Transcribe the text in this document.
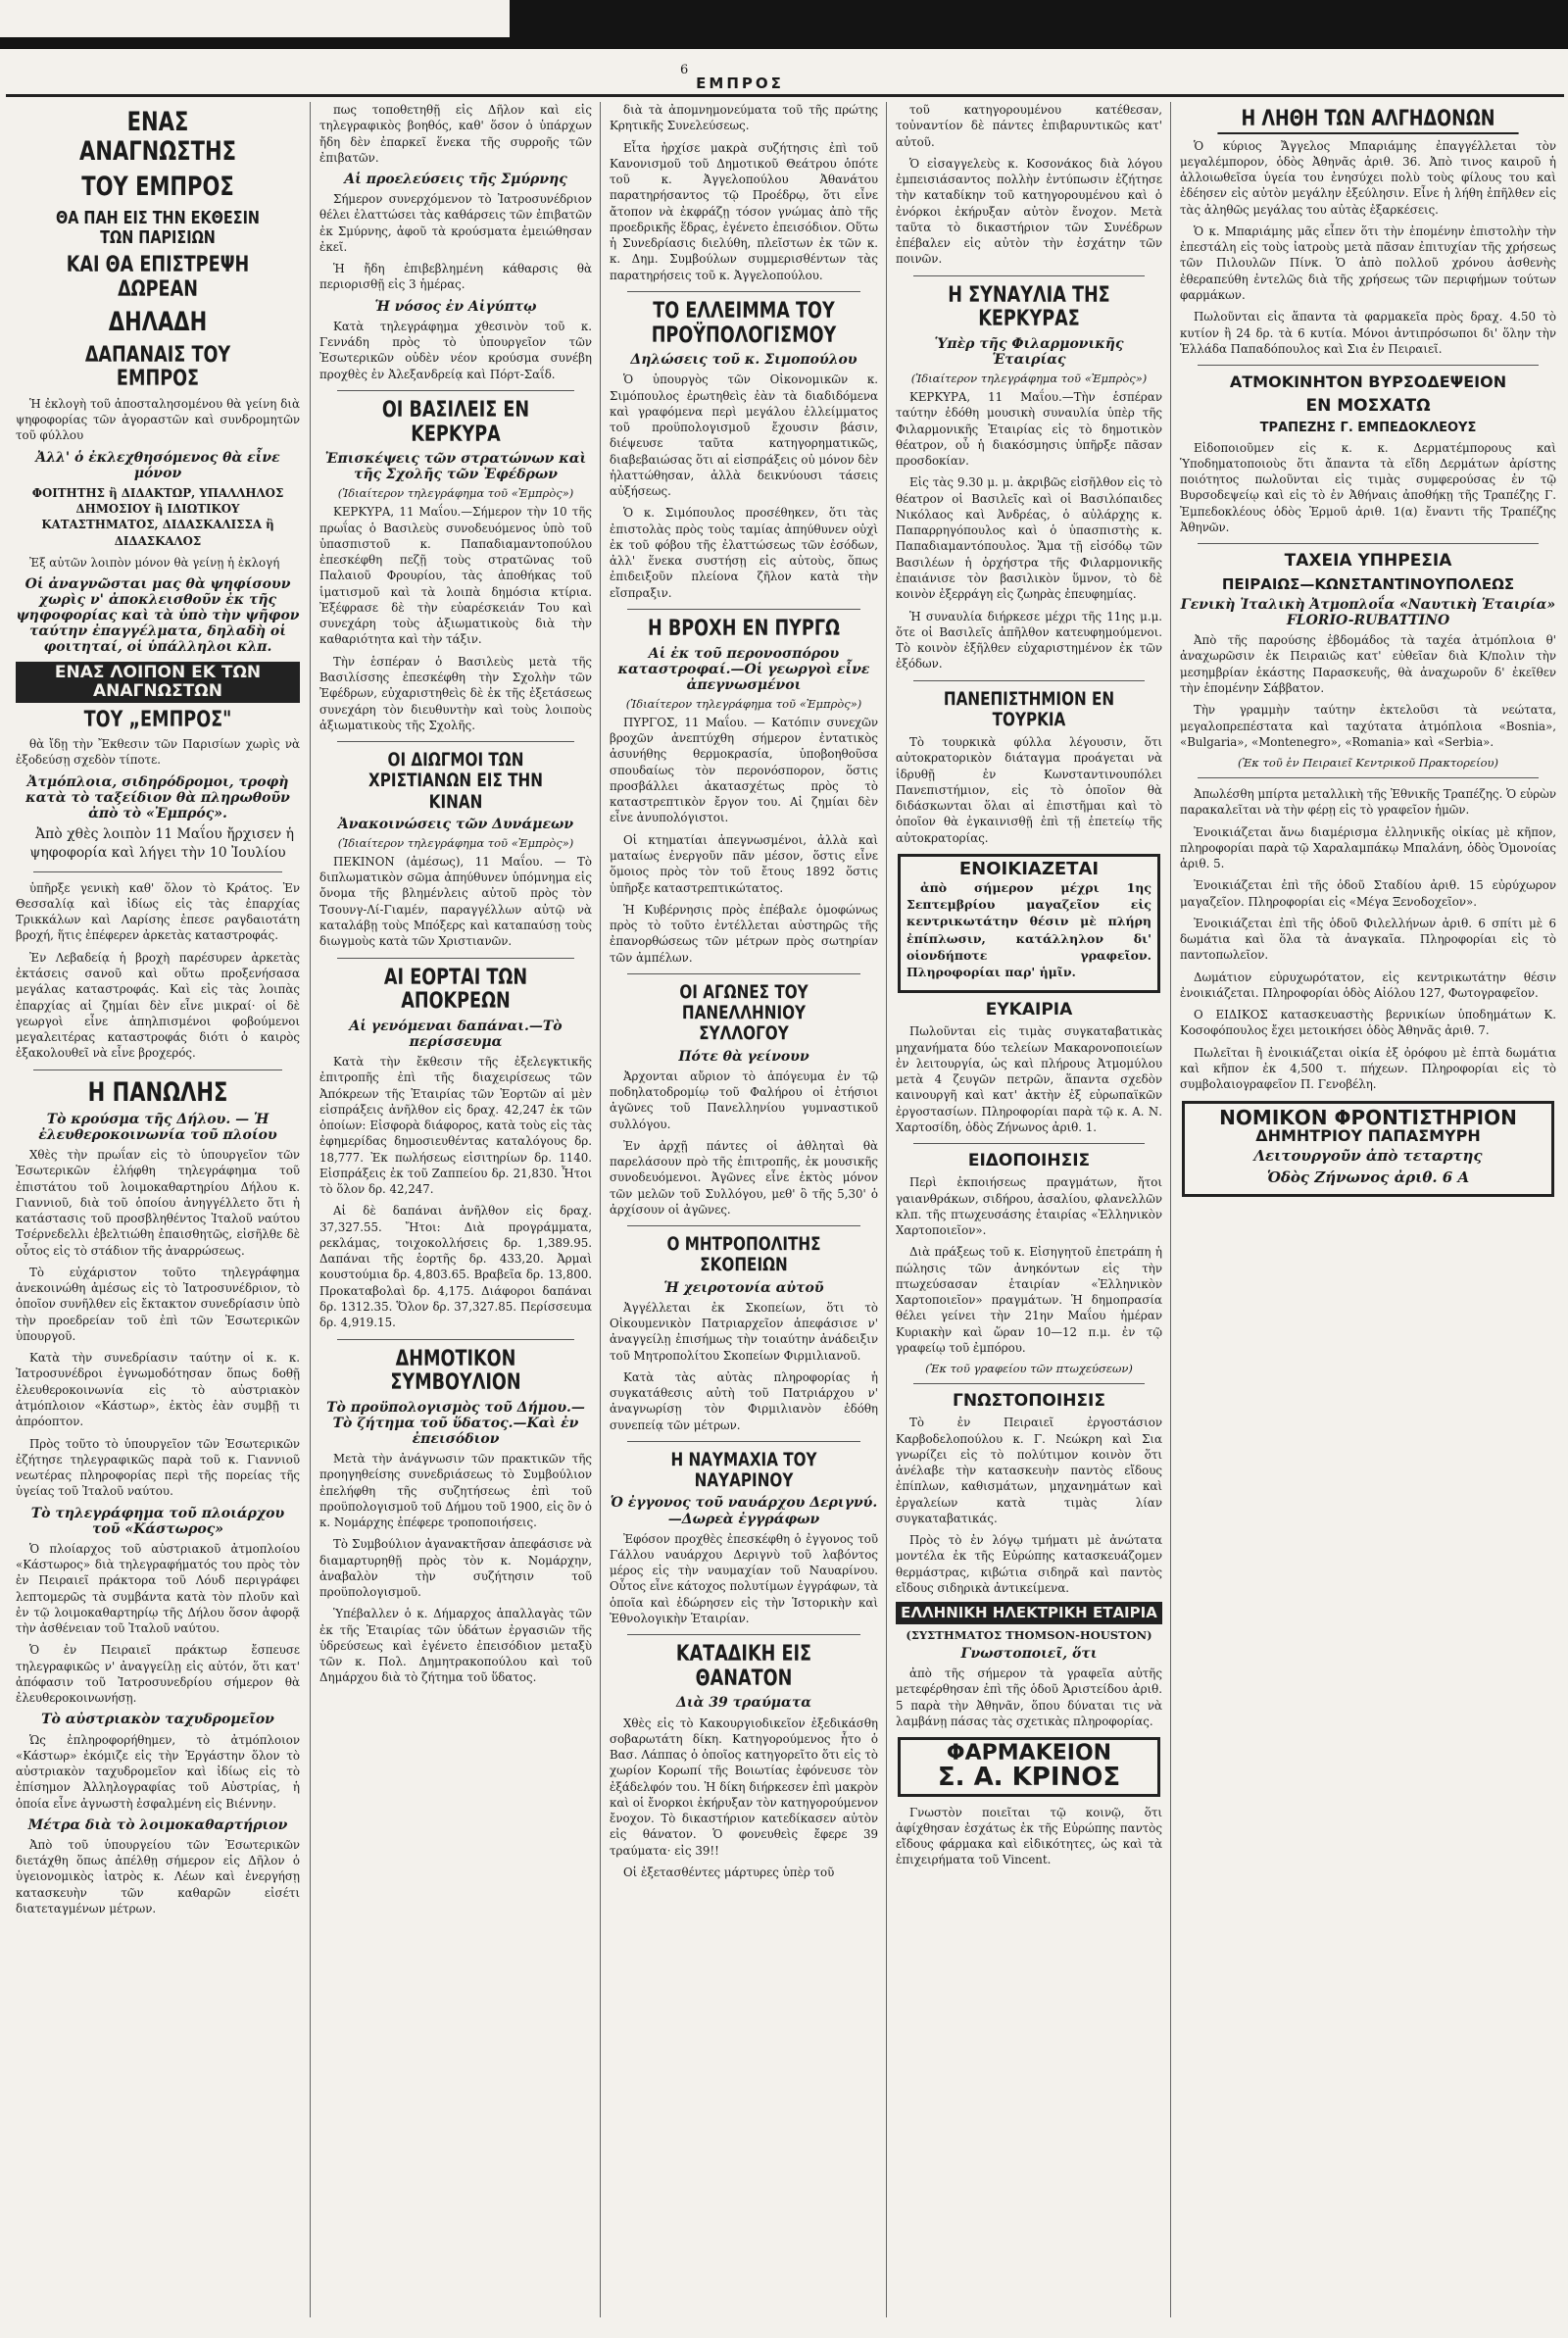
6
ΕΜΠΡΟΣ
ΕΝΑΣ ΑΝΑΓΝΩΣΤΗΣ
ΤΟΥ ΕΜΠΡΟΣ
ΘΑ ΠΑΗ ΕΙΣ ΤΗΝ ΕΚΘΕΣΙΝ ΤΩΝ ΠΑΡΙΣΙΩΝ
ΚΑΙ ΘΑ ΕΠΙΣΤΡΕΨΗ ΔΩΡΕΑΝ
ΔΗΛΑΔΗ
ΔΑΠΑΝΑΙΣ ΤΟΥ ΕΜΠΡΟΣ

Ἡ ἐκλογὴ τοῦ ἀποσταλησομένου θὰ γείνη διὰ ψηφοφορίας τῶν ἀγοραστῶν καὶ συνδρομητῶν τοῦ φύλλου

Ἀλλ' ὁ ἐκλεχθησόμενος θὰ εἶνε μόνον

ΦΟΙΤΗΤΗΣ ἢ ΔΙΔΑΚΤΩΡ, ΥΠΑΛΛΗΛΟΣ ΔΗΜΟΣΙΟΥ ἢ ΙΔΙΩΤΙΚΟΥ ΚΑΤΑΣΤΗΜΑΤΟΣ, ΔΙΔΑΣΚΑΛΙΣΣΑ ἢ ΔΙΔΑΣΚΑΛΟΣ

Ἐξ αὐτῶν λοιπὸν μόνον θὰ γείνῃ ἡ ἐκλογή

Οἱ ἀναγνῶσται μας θὰ ψηφίσουν χωρὶς ν' ἀποκλεισθοῦν ἐκ τῆς ψηφοφορίας καὶ τὰ ὑπὸ τὴν ψῆφον ταύτην ἐπαγγέλματα, δηλαδὴ οἱ φοιτηταί, οἱ ὑπάλληλοι κλπ.
ΕΝΑΣ ΛΟΙΠΟΝ ΕΚ ΤΩΝ ΑΝΑΓΝΩΣΤΩΝ
ΤΟΥ „ΕΜΠΡΟΣ"

θὰ ἴδῃ τὴν Ἔκθεσιν τῶν Παρισίων χωρὶς νὰ ἐξοδεύσῃ σχεδὸν τίποτε.

Ἀτμόπλοια, σιδηρόδρομοι, τροφὴ κατὰ τὸ ταξείδιον θὰ πληρωθοῦν ἀπὸ τὸ «Ἐμπρός».

Ἀπὸ χθὲς λοιπὸν 11 Μαΐου ἤρχισεν ἡ ψηφοφορία καὶ λήγει τὴν 10 Ἰουλίου

ὑπῆρξε γενικὴ καθ' ὅλον τὸ Κράτος. Ἐν Θεσσαλίᾳ καὶ ἰδίως εἰς τὰς ἐπαρχίας Τρικκάλων καὶ Λαρίσης ἐπεσε ραγδαιοτάτη βροχή, ἥτις ἐπέφερεν ἀρκετὰς καταστροφάς.

Ἐν Λεβαδείᾳ ἡ βροχὴ παρέσυρεν ἀρκετὰς ἐκτάσεις σανοῦ καὶ οὕτω προξενήσασα μεγάλας καταστροφάς. Καὶ εἰς τὰς λοιπὰς ἐπαρχίας αἱ ζημίαι δὲν εἶνε μικραί· οἱ δὲ γεωργοὶ εἶνε ἀπηλπισμένοι φοβούμενοι μεγαλειτέρας καταστροφάς διότι ὁ καιρὸς ἐξακολουθεῖ νὰ εἶνε βροχερός.

Η ΠΑΝΩΛΗΣ
Τὸ κρούσμα τῆς Δήλου. — Ἡ ἐλευθεροκοινωνία τοῦ πλοίου

Χθὲς τὴν πρωΐαν εἰς τὸ ὑπουργεῖον τῶν Ἐσωτερικῶν ἐλήφθη τηλεγράφημα τοῦ ἐπιστάτου τοῦ λοιμοκαθαρτηρίου Δήλου κ. Γιαννιοῦ, διὰ τοῦ ὁποίου ἀνηγγέλλετο ὅτι ἡ κατάστασις τοῦ προσβληθέντος Ἰταλοῦ ναύτου Τσέρνεδελλι ἐβελτιώθη ἐπαισθητῶς, εἰσῆλθε δὲ οὗτος εἰς τὸ στάδιον τῆς ἀναρρώσεως.

Τὸ εὐχάριστον τοῦτο τηλεγράφημα ἀνεκοινώθη ἀμέσως εἰς τὸ Ἰατροσυνέδριον, τὸ ὁποῖον συνῆλθεν εἰς ἔκτακτον συνεδρίασιν ὑπὸ τὴν προεδρείαν τοῦ ἐπὶ τῶν Ἐσωτερικῶν ὑπουργοῦ.

Κατὰ τὴν συνεδρίασιν ταύτην οἱ κ. κ. Ἰατροσυνέδροι ἐγνωμοδότησαν ὅπως δοθῇ ἐλευθεροκοινωνία εἰς τὸ αὐστριακὸν ἀτμόπλοιον «Κάστωρ», ἐκτὸς ἐὰν συμβῇ τι ἀπρόοπτον.

Πρὸς τοῦτο τὸ ὑπουργεῖον τῶν Ἐσωτερικῶν ἐζήτησε τηλεγραφικῶς παρὰ τοῦ κ. Γιαννιοῦ νεωτέρας πληροφορίας περὶ τῆς πορείας τῆς ὑγείας τοῦ Ἰταλοῦ ναύτου.

Τὸ τηλεγράφημα τοῦ πλοιάρχου τοῦ «Κάστωρος»

Ὁ πλοίαρχος τοῦ αὐστριακοῦ ἀτμοπλοίου «Κάστωρος» διὰ τηλεγραφήματός του πρὸς τὸν ἐν Πειραιεῖ πράκτορα τοῦ Λόυδ περιγράφει λεπτομερῶς τὰ συμβάντα κατὰ τὸν πλοῦν καὶ ἐν τῷ λοιμοκαθαρτηρίῳ τῆς Δήλου ὅσον ἀφορᾷ τὴν ἀσθένειαν τοῦ Ἰταλοῦ ναύτου.

Ὁ ἐν Πειραιεῖ πράκτωρ ἔσπευσε τηλεγραφικῶς ν' ἀναγγείλῃ εἰς αὐτόν, ὅτι κατ' ἀπόφασιν τοῦ Ἰατροσυνεδρίου σήμερον θὰ ἐλευθεροκοινωνήσῃ.

Τὸ αὐστριακὸν ταχυδρομεῖον

Ὡς ἐπληροφορήθημεν, τὸ ἀτμόπλοιον «Κάστωρ» ἐκόμιζε εἰς τὴν Ἑργάστην ὅλον τὸ αὐστριακὸν ταχυδρομεῖον καὶ ἰδίως εἰς τὸ ἐπίσημον Ἀλληλογραφίας τοῦ Αὐστρίας, ἡ ὁποία εἶνε ἀγνωστὴ ἐσφαλμένη εἰς Βιέννην.

Μέτρα διὰ τὸ λοιμοκαθαρτήριον

Ἀπὸ τοῦ ὑπουργείου τῶν Ἐσωτερικῶν διετάχθη ὅπως ἀπέλθῃ σήμερον εἰς Δῆλον ὁ ὑγειονομικὸς ἰατρὸς κ. Λέων καὶ ἐνεργήσῃ κατασκευὴν τῶν καθαρῶν εἰσέτι διατεταγμένων μέτρων.

πως τοποθετηθῇ εἰς Δῆλον καὶ εἰς τηλεγραφικὸς βοηθός, καθ' ὅσον ὁ ὑπάρχων ἤδη δὲν ἐπαρκεῖ ἕνεκα τῆς συρροῆς τῶν ἐπιβατῶν.

Αἱ προελεύσεις τῆς Σμύρνης

Σήμερον συνερχόμενον τὸ Ἰατροσυνέδριον θέλει ἐλαττώσει τὰς καθάρσεις τῶν ἐπιβατῶν ἐκ Σμύρνης, ἀφοῦ τὰ κρούσματα ἐμειώθησαν ἐκεῖ.

Ἡ ἤδη ἐπιβεβλημένη κάθαρσις θὰ περιορισθῇ εἰς 3 ἡμέρας.

Ἡ νόσος ἐν Αἰγύπτῳ

Κατὰ τηλεγράφημα χθεσινὸν τοῦ κ. Γεννάδη πρὸς τὸ ὑπουργεῖον τῶν Ἐσωτερικῶν οὐδὲν νέον κρούσμα συνέβη προχθὲς ἐν Ἀλεξανδρείᾳ καὶ Πόρτ-Σαΐδ.

ΟΙ ΒΑΣΙΛΕΙΣ ΕΝ ΚΕΡΚΥΡΑ
Ἐπισκέψεις τῶν στρατώνων καὶ τῆς Σχολῆς τῶν Ἐφέδρων
(Ἰδιαίτερον τηλεγράφημα τοῦ «Ἐμπρὸς»)

ΚΕΡΚΥΡΑ, 11 Μαΐου.—Σήμερον τὴν 10 τῆς πρωΐας ὁ Βασιλεὺς συνοδευόμενος ὑπὸ τοῦ ὑπασπιστοῦ κ. Παπαδιαμαντοπούλου ἐπεσκέφθη πεζῇ τοὺς στρατῶνας τοῦ Παλαιοῦ Φρουρίου, τὰς ἀποθήκας τοῦ ἱματισμοῦ καὶ τὰ λοιπὰ δημόσια κτίρια. Ἐξέφρασε δὲ τὴν εὐαρέσκειάν Του καὶ συνεχάρη τοὺς ἀξιωματικοὺς διὰ τὴν καθαριότητα καὶ τὴν τάξιν.

Τὴν ἑσπέραν ὁ Βασιλεὺς μετὰ τῆς Βασιλίσσης ἐπεσκέφθη τὴν Σχολὴν τῶν Ἐφέδρων, εὐχαριστηθεὶς δὲ ἐκ τῆς ἐξετάσεως συνεχάρη τὸν διευθυντὴν καὶ τοὺς λοιποὺς ἀξιωματικοὺς τῆς Σχολῆς.

ΟΙ ΔΙΩΓΜΟΙ ΤΩΝ ΧΡΙΣΤΙΑΝΩΝ ΕΙΣ ΤΗΝ ΚΙΝΑΝ
Ἀνακοινώσεις τῶν Δυνάμεων
(Ἰδιαίτερον τηλεγράφημα τοῦ «Ἐμπρὸς»)

ΠΕΚΙΝΟΝ (ἀμέσως), 11 Μαΐου. — Τὸ διπλωματικὸν σῶμα ἀπηύθυνεν ὑπόμνημα εἰς ὄνομα τῆς βλημένλεις αὐτοῦ πρὸς τὸν Τσουνγ-Λί-Γιαμέν, παραγγέλλων αὐτῷ νὰ καταλάβῃ τοὺς Μπόξερς καὶ καταπαύσῃ τοὺς διωγμοὺς κατὰ τῶν Χριστιανῶν.

ΑΙ ΕΟΡΤΑΙ ΤΩΝ ΑΠΟΚΡΕΩΝ
Αἱ γενόμεναι δαπάναι.—Τὸ περίσσευμα

Κατὰ τὴν ἔκθεσιν τῆς ἐξελεγκτικῆς ἐπιτροπῆς ἐπὶ τῆς διαχειρίσεως τῶν Ἀπόκρεων τῆς Ἑταιρίας τῶν Ἑορτῶν αἱ μὲν εἰσπράξεις ἀνῆλθον εἰς δραχ. 42,247 ἐκ τῶν ὁποίων: Εἰσφορὰ διάφορος, κατὰ τοὺς εἰς τὰς ἐφημερίδας δημοσιευθέντας καταλόγους δρ. 18,777. Ἐκ πωλήσεως εἰσιτηρίων δρ. 1140. Εἰσπράξεις ἐκ τοῦ Ζαππείου δρ. 21,830. Ἦτοι τὸ ὅλον δρ. 42,247.

Αἱ δὲ δαπάναι ἀνῆλθον εἰς δραχ. 37,327.55. Ἤτοι: Διὰ προγράμματα, ρεκλάμας, τοιχοκολλήσεις δρ. 1,389.95. Δαπάναι τῆς ἑορτῆς δρ. 433,20. Ἀρμαὶ κουστούμια δρ. 4,803.65. Βραβεῖα δρ. 13,800. Προκαταβολαὶ δρ. 4,175. Διάφοροι δαπάναι δρ. 1312.35. Ὅλον δρ. 37,327.85. Περίσσευμα δρ. 4,919.15.

ΔΗΜΟΤΙΚΟΝ ΣΥΜΒΟΥΛΙΟΝ
Τὸ προϋπολογισμὸς τοῦ Δήμου.—Τὸ ζήτημα τοῦ ὕδατος.—Καὶ ἐν ἐπεισόδιον

Μετὰ τὴν ἀνάγνωσιν τῶν πρακτικῶν τῆς προηγηθείσης συνεδριάσεως τὸ Συμβούλιον ἐπελήφθη τῆς συζητήσεως ἐπὶ τοῦ προϋπολογισμοῦ τοῦ Δήμου τοῦ 1900, εἰς ὃν ὁ κ. Νομάρχης ἐπέφερε τροποποιήσεις.

Τὸ Συμβούλιον ἀγανακτῆσαν ἀπεφάσισε νὰ διαμαρτυρηθῇ πρὸς τὸν κ. Νομάρχην, ἀναβαλὸν τὴν συζήτησιν τοῦ προϋπολογισμοῦ.

Ὑπέβαλλεν ὁ κ. Δήμαρχος ἀπαλλαγὰς τῶν ἐκ τῆς Ἑταιρίας τῶν ὑδάτων ἐργασιῶν τῆς ὑδρεύσεως καὶ ἐγένετο ἐπεισόδιον μεταξὺ τῶν κ. Πολ. Δημητρακοπούλου καὶ τοῦ Δημάρχου διὰ τὸ ζήτημα τοῦ ὕδατος.

διὰ τὰ ἀπομνημονεύματα τοῦ τῆς πρώτης Κρητικῆς Συνελεύσεως.

Εἶτα ἠρχίσε μακρὰ συζήτησις ἐπὶ τοῦ Κανονισμοῦ τοῦ Δημοτικοῦ Θεάτρου ὁπότε τοῦ κ. Ἀγγελοπούλου Ἀθανάτου παρατηρήσαντος τῷ Προέδρῳ, ὅτι εἶνε ἄτοπον νὰ ἐκφράζῃ τόσον γνώμας ἀπὸ τῆς προεδρικῆς ἕδρας, ἐγένετο ἐπεισόδιον. Οὕτω ἡ Συνεδρίασις διελύθη, πλεῖστων ἐκ τῶν κ. κ. Δημ. Συμβούλων συμμερισθέντων τὰς παρατηρήσεις τοῦ κ. Ἀγγελοπούλου.

ΤΟ ΕΛΛΕΙΜΜΑ ΤΟΥ ΠΡΟΫΠΟΛΟΓΙΣΜΟΥ
Δηλώσεις τοῦ κ. Σιμοπούλου

Ὁ ὑπουργὸς τῶν Οἰκονομικῶν κ. Σιμόπουλος ἐρωτηθεὶς ἐὰν τὰ διαδιδόμενα καὶ γραφόμενα περὶ μεγάλου ἐλλείμματος τοῦ προϋπολογισμοῦ ἔχουσιν βάσιν, διέψευσε ταῦτα κατηγορηματικῶς, διαβεβαιώσας ὅτι αἱ εἰσπράξεις οὐ μόνον δὲν ἠλαττώθησαν, ἀλλὰ δεικνύουσι τάσεις αὐξήσεως.

Ὁ κ. Σιμόπουλος προσέθηκεν, ὅτι τὰς ἐπιστολὰς πρὸς τοὺς ταμίας ἀπηύθυνεν οὐχὶ ἐκ τοῦ φόβου τῆς ἐλαττώσεως τῶν ἐσόδων, ἀλλ' ἕνεκα συστήσῃ εἰς αὐτοὺς, ὅπως ἐπιδειξοῦν πλείονα ζῆλον κατὰ τὴν εἴσπραξιν.

Η ΒΡΟΧΗ ΕΝ ΠΥΡΓΩ
Αἱ ἐκ τοῦ περονοσπόρου καταστροφαί.—Οἱ γεωργοὶ εἶνε ἀπεγνωσμένοι
(Ἰδιαίτερον τηλεγράφημα τοῦ «Ἐμπρὸς»)

ΠΥΡΓΟΣ, 11 Μαΐου. — Κατόπιν συνεχῶν βροχῶν ἀνεπτύχθη σήμερον ἐντατικὸς ἀσυνήθης θερμοκρασία, ὑποβοηθοῦσα σπουδαίως τὸν περονόσπορον, ὅστις προσβάλλει ἀκατασχέτως πρὸς τὸ καταστρεπτικὸν ἔργον του. Αἱ ζημίαι δὲν εἶνε ἀνυπολόγιστοι.

Οἱ κτηματίαι ἀπεγνωσμένοι, ἀλλὰ καὶ ματαίως ἐνεργοῦν πᾶν μέσον, ὅστις εἶνε ὅμοιος πρὸς τὸν τοῦ ἔτους 1892 ὅστις ὑπῆρξε καταστρεπτικώτατος.

Ἡ Κυβέρνησις πρὸς ἐπέβαλε ὁμοφώνως πρὸς τὸ τοῦτο ἐντέλλεται αὐστηρῶς τῆς ἐπανορθώσεως τῶν μέτρων πρὸς σωτηρίαν τῶν ἀμπέλων.

ΟΙ ΑΓΩΝΕΣ ΤΟΥ ΠΑΝΕΛΛΗΝΙΟΥ ΣΥΛΛΟΓΟΥ
Πότε θὰ γείνουν

Ἀρχονται αὔριον τὸ ἀπόγευμα ἐν τῷ ποδηλατοδρομίῳ τοῦ Φαλήρου οἱ ἐτήσιοι ἀγῶνες τοῦ Πανελληνίου γυμναστικοῦ συλλόγου.

Ἐν ἀρχῇ πάντες οἱ ἀθληταὶ θὰ παρελάσουν πρὸ τῆς ἐπιτροπῆς, ἐκ μουσικῆς συνοδευόμενοι. Ἀγῶνες εἶνε ἐκτὸς μόνον τῶν μελῶν τοῦ Συλλόγου, μεθ' ὃ τῆς 5,30' ὁ ἀρχίσουν οἱ ἀγῶνες.

Ο ΜΗΤΡΟΠΟΛΙΤΗΣ ΣΚΟΠΕΙΩΝ
Ἡ χειροτονία αὐτοῦ

Ἀγγέλλεται ἐκ Σκοπείων, ὅτι τὸ Οἰκουμενικὸν Πατριαρχεῖον ἀπεφάσισε ν' ἀναγγείλῃ ἐπισήμως τὴν τοιαύτην ἀνάδειξιν τοῦ Μητροπολίτου Σκοπείων Φιρμιλιανοῦ.

Κατὰ τὰς αὐτὰς πληροφορίας ἡ συγκατάθεσις αὐτὴ τοῦ Πατριάρχου ν' ἀναγνωρίσῃ τὸν Φιρμιλιανὸν ἐδόθη συνεπείᾳ τῶν μέτρων.

Η ΝΑΥΜΑΧΙΑ ΤΟΥ ΝΑΥΑΡΙΝΟΥ
Ὁ ἐγγονος τοῦ ναυάρχου Δεριγνύ.—Δωρεὰ ἐγγράφων

Ἐφόσον προχθὲς ἐπεσκέφθη ὁ ἐγγονος τοῦ Γάλλου ναυάρχου Δεριγνὺ τοῦ λαβόντος μέρος εἰς τὴν ναυμαχίαν τοῦ Ναυαρίνου. Οὗτος εἶνε κάτοχος πολυτίμων ἐγγράφων, τὰ ὁποῖα καὶ ἐδώρησεν εἰς τὴν Ἱστορικὴν καὶ Ἐθνολογικὴν Ἑταιρίαν.

ΚΑΤΑΔΙΚΗ ΕΙΣ ΘΑΝΑΤΟΝ
Διὰ 39 τραύματα

Χθὲς εἰς τὸ Κακουργιοδικεῖον ἐξεδικάσθη σοβαρωτάτη δίκη. Κατηγορούμενος ἦτο ὁ Βασ. Λάππας ὁ ὁποῖος κατηγορεῖτο ὅτι εἰς τὸ χωρίον Κορωπί τῆς Βοιωτίας ἐφόνευσε τὸν ἐξάδελφόν του. Ἡ δίκη διήρκεσεν ἐπὶ μακρὸν καὶ οἱ ἔνορκοι ἐκήρυξαν τὸν κατηγορούμενον ἔνοχον. Τὸ δικαστήριον κατεδίκασεν αὐτὸν εἰς θάνατον. Ὁ φονευθεὶς ἔφερε 39 τραύματα· εἰς 39!!

Οἱ ἐξετασθέντες μάρτυρες ὑπὲρ τοῦ

τοῦ κατηγορουμένου κατέθεσαν, τοὐναντίον δὲ πάντες ἐπιβαρυντικῶς κατ' αὐτοῦ.

Ὁ εἰσαγγελεὺς κ. Κοσονάκος διὰ λόγου ἐμπεισιάσαντος πολλὴν ἐντύπωσιν ἐζήτησε τὴν καταδίκην τοῦ κατηγορουμένου καὶ ὁ ἐνόρκοι ἐκήρυξαν αὐτὸν ἔνοχον. Μετὰ ταῦτα τὸ δικαστήριον τῶν Συνέδρων ἐπέβαλεν εἰς αὐτὸν τὴν ἐσχάτην τῶν ποινῶν.

Η ΣΥΝΑΥΛΙΑ ΤΗΣ ΚΕΡΚΥΡΑΣ
Ὑπὲρ τῆς Φιλαρμονικῆς Ἑταιρίας
(Ἰδιαίτερον τηλεγράφημα τοῦ «Ἐμπρὸς»)

ΚΕΡΚΥΡΑ, 11 Μαΐου.—Τὴν ἑσπέραν ταύτην ἐδόθη μουσικὴ συναυλία ὑπὲρ τῆς Φιλαρμονικῆς Ἑταιρίας εἰς τὸ δημοτικὸν θέατρον, οὗ ἡ διακόσμησις ὑπῆρξε πᾶσαν προσδοκίαν.

Εἰς τὰς 9.30 μ. μ. ἀκριβῶς εἰσῆλθον εἰς τὸ θέατρον οἱ Βασιλεῖς καὶ οἱ Βασιλόπαιδες Νικόλαος καὶ Ἀνδρέας, ὁ αὐλάρχης κ. Παπαρρηγόπουλος καὶ ὁ ὑπασπιστὴς κ. Παπαδιαμαντόπουλος. Ἅμα τῇ εἰσόδῳ τῶν Βασιλέων ἡ ὀρχήστρα τῆς Φιλαρμονικῆς ἐπαιάνισε τὸν βασιλικὸν ὕμνον, τὸ δὲ κοινὸν ἐξερράγη εἰς ζωηρὰς ἐπευφημίας.

Ἡ συναυλία διήρκεσε μέχρι τῆς 11ης μ.μ. ὅτε οἱ Βασιλεῖς ἀπῆλθον κατευφημούμενοι. Τὸ κοινὸν ἐξῆλθεν εὐχαριστημένον ἐκ τῶν ἐξόδων.

ΠΑΝΕΠΙΣΤΗΜΙΟΝ ΕΝ ΤΟΥΡΚΙΑ

Τὸ τουρκικὰ φύλλα λέγουσιν, ὅτι αὐτοκρατορικὸν διάταγμα προάγεται νὰ ἱδρυθῇ ἐν Κωνσταντινουπόλει Πανεπιστήμιον, εἰς τὸ ὁποῖον θὰ διδάσκωνται ὅλαι αἱ ἐπιστῆμαι καὶ τὸ ὁποῖον θὰ ἐγκαινισθῇ ἐπὶ τῇ ἐπετείῳ τῆς αὐτοκρατορίας.

ΕΝΟΙΚΙΑΖΕΤΑΙ

ἀπὸ σήμερον μέχρι 1ης Σεπτεμβρίου μαγαζεῖον εἰς κεντρικωτάτην θέσιν μὲ πλήρη ἐπίπλωσιν, κατάλληλον δι' οἱονδήποτε γραφεῖον. Πληροφορίαι παρ' ἡμῖν.

ΕΥΚΑΙΡΙΑ

Πωλοῦνται εἰς τιμὰς συγκαταβατικὰς μηχανήματα δύο τελείων Μακαρονοποιείων ἐν λειτουργία, ὡς καὶ πλήρους Ἀτμομύλου μετὰ 4 ζευγῶν πετρῶν, ἅπαντα σχεδὸν καινουργῆ καὶ κατ' ἀκτὴν ἐξ εὐρωπαϊκῶν ἐργοστασίων. Πληροφορίαι παρὰ τῷ κ. Α. Ν. Χαρτοσίδη, ὁδὸς Ζήνωνος ἀριθ. 1.

ΕΙΔΟΠΟΙΗΣΙΣ

Περὶ ἐκποιήσεως πραγμάτων, ἤτοι γαιανθράκων, σιδήρου, ἀσαλίου, φλανελλῶν κλπ. τῆς πτωχευσάσης ἑταιρίας «Ἑλληνικὸν Χαρτοποιεῖον».

Διὰ πράξεως τοῦ κ. Εἰσηγητοῦ ἐπετράπη ἡ πώλησις τῶν ἀνηκόντων εἰς τὴν πτωχεύσασαν ἑταιρίαν «Ἑλληνικὸν Χαρτοποιεῖον» πραγμάτων. Ἡ δημοπρασία θέλει γείνει τὴν 21ην Μαΐου ἡμέραν Κυριακὴν καὶ ὥραν 10—12 π.μ. ἐν τῷ γραφείῳ τοῦ ἐμπόρου.

(Ἐκ τοῦ γραφείου τῶν πτωχεύσεων)
ΓΝΩΣΤΟΠΟΙΗΣΙΣ

Τὸ ἐν Πειραιεῖ ἐργοστάσιον Καρβοδελοπούλου κ. Γ. Νεώκρη καὶ Σια γνωρίζει εἰς τὸ πολύτιμον κοινὸν ὅτι ἀνέλαβε τὴν κατασκευὴν παντὸς εἴδους ἐπίπλων, καθισμάτων, μηχανημάτων καὶ ἐργαλείων κατὰ τιμὰς λίαν συγκαταβατικάς.

Πρὸς τὸ ἐν λόγῳ τμήματι μὲ ἀνώτατα μοντέλα ἐκ τῆς Εὐρώπης κατασκευάζομεν θερμάστρας, κιβώτια σιδηρᾶ καὶ παντὸς εἴδους σιδηρικὰ ἀντικείμενα.

ΕΛΛΗΝΙΚΗ ΗΛΕΚΤΡΙΚΗ ΕΤΑΙΡΙΑ
(ΣΥΣΤΗΜΑΤΟΣ THOMSON-HOUSTON)
Γνωστοποιεῖ, ὅτι

ἀπὸ τῆς σήμερον τὰ γραφεῖα αὐτῆς μετεφέρθησαν ἐπὶ τῆς ὁδοῦ Ἀριστείδου ἀριθ. 5 παρὰ τὴν Ἀθηνᾶν, ὅπου δύναται τις νὰ λαμβάνῃ πάσας τὰς σχετικὰς πληροφορίας.

ΦΑΡΜΑΚΕΙΟΝ
Σ. Α. ΚΡΙΝΟΣ

Γνωστὸν ποιεῖται τῷ κοινῷ, ὅτι ἀφίχθησαν ἐσχάτως ἐκ τῆς Εὐρώπης παντὸς εἴδους φάρμακα καὶ εἰδικότητες, ὡς καὶ τὰ ἐπιχειρήματα τοῦ Vincent.

Η ΛΗΘΗ ΤΩΝ ΑΛΓΗΔΟΝΩΝ

Ὁ κύριος Ἄγγελος Μπαριάμης ἐπαγγέλλεται τὸν μεγαλέμπορον, ὁδὸς Ἀθηνᾶς ἀριθ. 36. Ἀπὸ τινος καιροῦ ἡ ἀλλοιωθεῖσα ὑγεία του ἐνησύχει πολὺ τοὺς φίλους του καὶ ἐδέησεν εἰς αὐτὸν μεγάλην ἐξεύλησιν. Εἶνε ἡ λήθη ἐπῆλθεν εἰς τὰς ἀληθῶς μεγάλας του αὐτὰς ἐξαρκέσεις.

Ὁ κ. Μπαριάμης μᾶς εἶπεν ὅτι τὴν ἐπομένην ἐπιστολὴν τὴν ἐπεστάλη εἰς τοὺς ἰατροὺς μετὰ πᾶσαν ἐπιτυχίαν τῆς χρήσεως τῶν Πιλουλῶν Πίνκ. Ὁ ἀπὸ πολλοῦ χρόνου ἀσθενὴς ἐθεραπεύθη ἐντελῶς διὰ τῆς χρήσεως τῶν περιφήμων τούτων φαρμάκων.

Πωλοῦνται εἰς ἅπαντα τὰ φαρμακεῖα πρὸς δραχ. 4.50 τὸ κυτίον ἢ 24 δρ. τὰ 6 κυτία. Μόνοι ἀντιπρόσωποι δι' ὅλην τὴν Ἑλλάδα Παπαδόπουλος καὶ Σια ἐν Πειραιεῖ.

ΑΤΜΟΚΙΝΗΤΟΝ ΒΥΡΣΟΔΕΨΕΙΟΝ
ΕΝ ΜΟΣΧΑΤΩ
ΤΡΑΠΕΖΗΣ Γ. ΕΜΠΕΔΟΚΛΕΟΥΣ

Εἰδοποιοῦμεν εἰς κ. κ. Δερματέμπορους καὶ Ὑποδηματοποιοὺς ὅτι ἄπαντα τὰ εἴδη Δερμάτων ἀρίστης ποιότητος πωλοῦνται εἰς τιμὰς συμφερούσας ἐν τῷ Βυρσοδεψείῳ καὶ εἰς τὸ ἐν Ἀθήναις ἀποθήκῃ τῆς Τραπέζης Γ. Ἐμπεδοκλέους ὁδὸς Ἑρμοῦ ἀριθ. 1(α) ἔναντι τῆς Τραπέζης Ἀθηνῶν.

ΤΑΧΕΙΑ ΥΠΗΡΕΣΙΑ
ΠΕΙΡΑΙΩΣ—ΚΩΝΣΤΑΝΤΙΝΟΥΠΟΛΕΩΣ
Γενικὴ Ἰταλικὴ Ἀτμοπλοΐα «Ναυτικὴ Ἑταιρία» FLORIO-RUBATTINO

Ἀπὸ τῆς παρούσης ἑβδομάδος τὰ ταχέα ἀτμόπλοια θ' ἀναχωρῶσιν ἐκ Πειραιῶς κατ' εὐθεῖαν διὰ Κ/πολιν τὴν μεσημβρίαν ἑκάστης Παρασκευῆς, θὰ ἀναχωροῦν δ' ἐκεῖθεν τὴν ἑπομένην Σάββατον.

Τὴν γραμμὴν ταύτην ἐκτελοῦσι τὰ νεώτατα, μεγαλοπρεπέστατα καὶ ταχύτατα ἀτμόπλοια «Bosnia», «Bulgaria», «Montenegro», «Romania» καὶ «Serbia».

(Ἐκ τοῦ ἐν Πειραιεῖ Κεντρικοῦ Πρακτορείου)

Ἀπωλέσθη μπίρτα μεταλλικὴ τῆς Ἐθνικῆς Τραπέζης. Ὁ εὑρὼν παρακαλεῖται νὰ τὴν φέρῃ εἰς τὸ γραφεῖον ἡμῶν.

Ἐνοικιάζεται ἄνω διαμέρισμα ἐλληνικῆς οἰκίας μὲ κῆπον, πληροφορίαι παρὰ τῷ Χαραλαμπάκῳ Μπαλάνη, ὁδὸς Ὁμονοίας ἀριθ. 5.

Ἐνοικιάζεται ἐπὶ τῆς ὁδοῦ Σταδίου ἀριθ. 15 εὐρύχωρον μαγαζεῖον. Πληροφορίαι εἰς «Μέγα Ξενοδοχεῖον».

Ἐνοικιάζεται ἐπὶ τῆς ὁδοῦ Φιλελλήνων ἀριθ. 6 σπίτι μὲ 6 δωμάτια καὶ ὅλα τὰ ἀναγκαῖα. Πληροφορίαι εἰς τὸ παντοπωλεῖον.

Δωμάτιον εὐρυχωρότατον, εἰς κεντρικωτάτην θέσιν ἐνοικιάζεται. Πληροφορίαι ὁδὸς Αἰόλου 127, Φωτογραφεῖον.

Ο ΕΙΔΙΚΟΣ κατασκευαστὴς βερνικίων ὑποδημάτων Κ. Κοσοφόπουλος ἔχει μετοικήσει ὁδὸς Ἀθηνᾶς ἀριθ. 7.

Πωλεῖται ἢ ἐνοικιάζεται οἰκία ἐξ ὀρόφου μὲ ἑπτὰ δωμάτια καὶ κῆπον ἐκ 4,500 τ. πήχεων. Πληροφορίαι εἰς τὸ συμβολαιογραφεῖον Π. Γενοβέλη.

ΝΟΜΙΚΟΝ ΦΡΟΝΤΙΣΤΗΡΙΟΝ
ΔΗΜΗΤΡΙΟΥ ΠΑΠΑΣΜΥΡΗ
Λειτουργοῦν ἀπὸ τεταρτης
Ὁδὸς Ζήνωνος ἀριθ. 6 Α
